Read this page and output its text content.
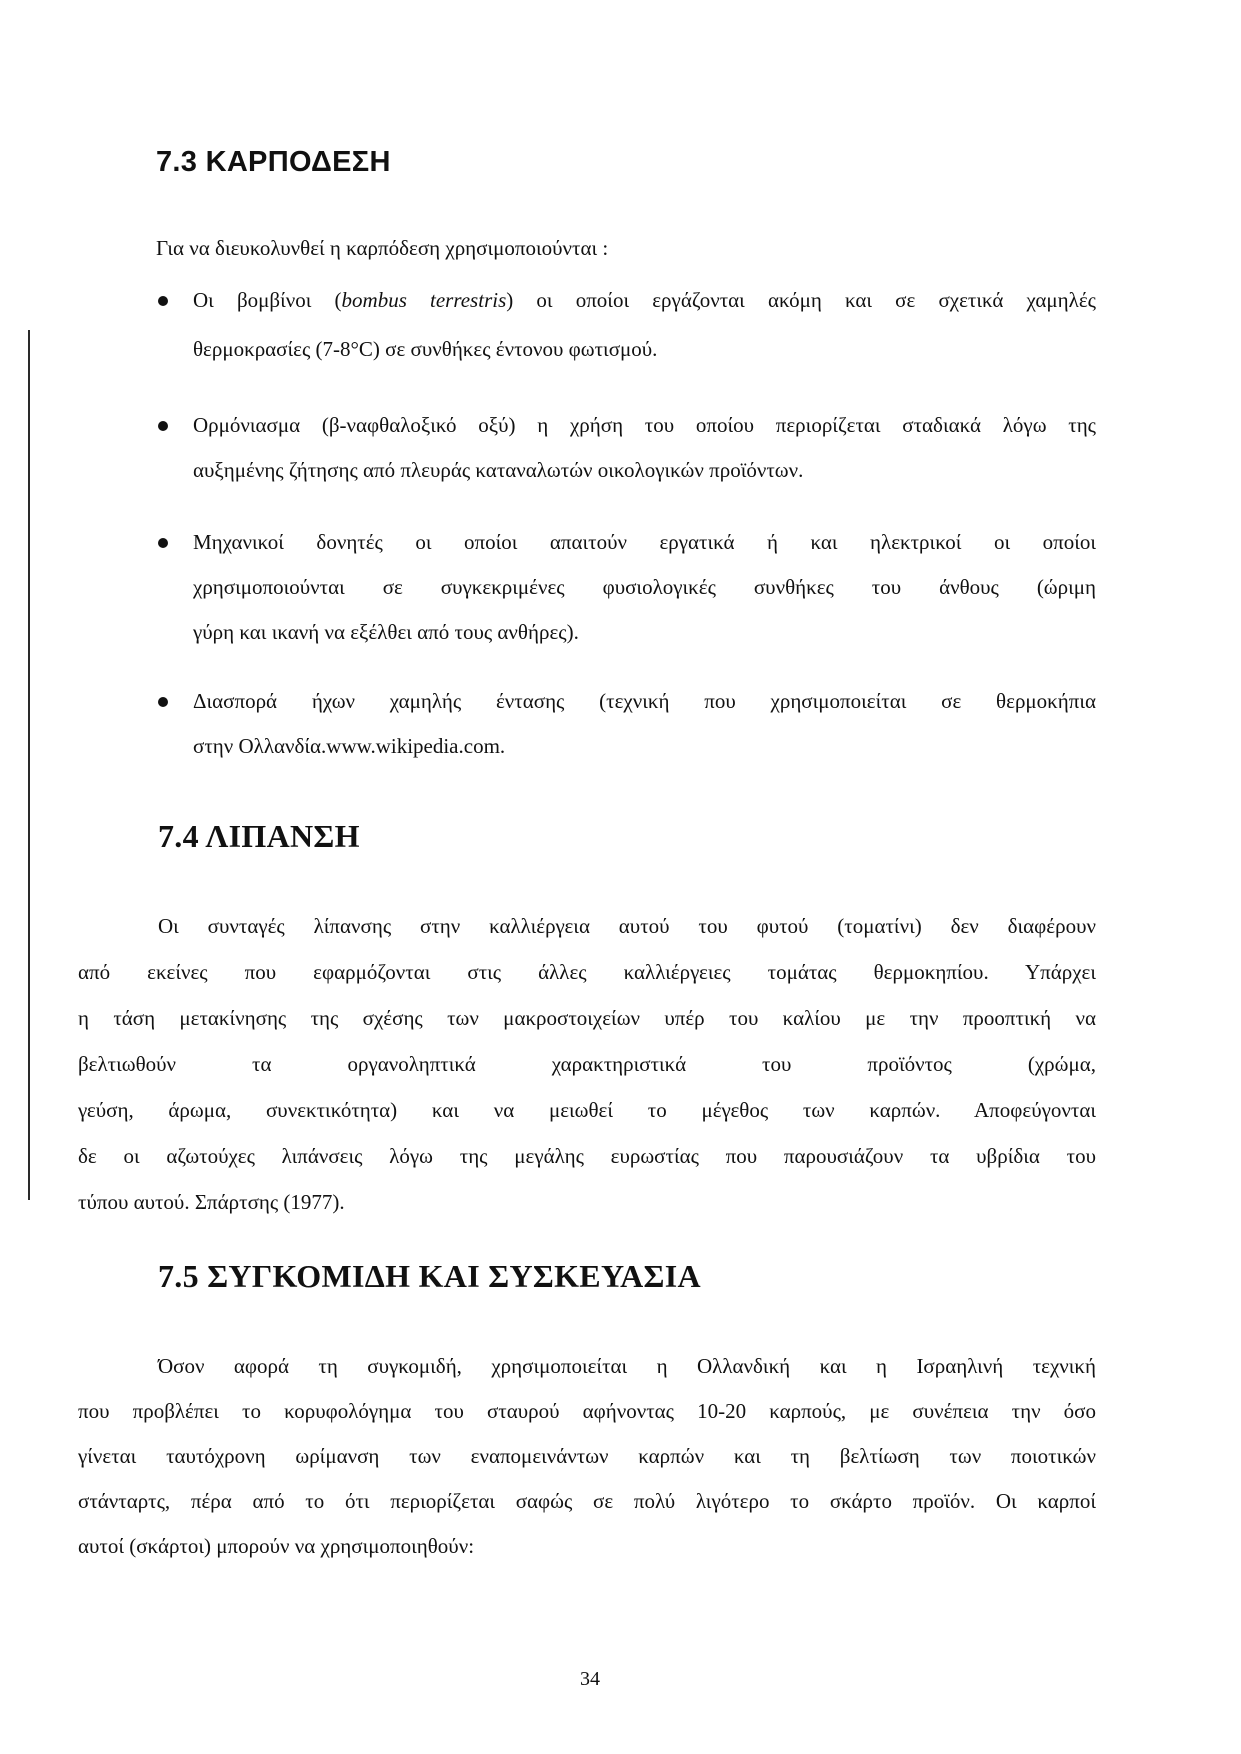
7.3 ΚΑΡΠΟΔΕΣΗ

Για να διευκολυνθεί η καρπόδεση χρησιμοποιούνται :

Οι βομβίνοι (bombus terrestris) οι οποίοι εργάζονται ακόμη και σε σχετικά χαμηλές

θερμοκρασίες (7-8°C) σε συνθήκες έντονου φωτισμού.

Ορμόνιασμα (β-ναφθαλοξικό οξύ) η χρήση του οποίου περιορίζεται σταδιακά λόγω της

αυξημένης ζήτησης από πλευράς καταναλωτών οικολογικών προϊόντων.

Μηχανικοί δονητές οι οποίοι απαιτούν εργατικά ή και ηλεκτρικοί οι οποίοι

χρησιμοποιούνται σε συγκεκριμένες φυσιολογικές συνθήκες του άνθους (ώριμη

γύρη και ικανή να εξέλθει από τους ανθήρες).

Διασπορά ήχων χαμηλής έντασης (τεχνική που χρησιμοποιείται σε θερμοκήπια

στην Ολλανδία.www.wikipedia.com.

7.4 ΛΙΠΑΝΣΗ

Οι συνταγές λίπανσης στην καλλιέργεια αυτού του φυτού (τοματίνι) δεν διαφέρουν

από εκείνες που εφαρμόζονται στις άλλες καλλιέργειες τομάτας θερμοκηπίου. Υπάρχει

η τάση μετακίνησης της σχέσης των μακροστοιχείων υπέρ του καλίου με την προοπτική να

βελτιωθούν τα οργανοληπτικά χαρακτηριστικά του προϊόντος (χρώμα,

γεύση, άρωμα, συνεκτικότητα) και να μειωθεί το μέγεθος των καρπών. Αποφεύγονται

δε οι αζωτούχες λιπάνσεις λόγω της μεγάλης ευρωστίας που παρουσιάζουν τα υβρίδια του

τύπου αυτού. Σπάρτσης (1977).

7.5 ΣΥΓΚΟΜΙΔΗ ΚΑΙ ΣΥΣΚΕΥΑΣΙΑ

Όσον αφορά τη συγκομιδή, χρησιμοποιείται η Ολλανδική και η Ισραηλινή τεχνική

που προβλέπει το κορυφολόγημα του σταυρού αφήνοντας 10-20 καρπούς, με συνέπεια την όσο

γίνεται ταυτόχρονη ωρίμανση των εναπομεινάντων καρπών και τη βελτίωση των ποιοτικών

στάνταρτς, πέρα από το ότι περιορίζεται σαφώς σε πολύ λιγότερο το σκάρτο προϊόν. Οι καρποί

αυτοί (σκάρτοι) μπορούν να χρησιμοποιηθούν:

34
